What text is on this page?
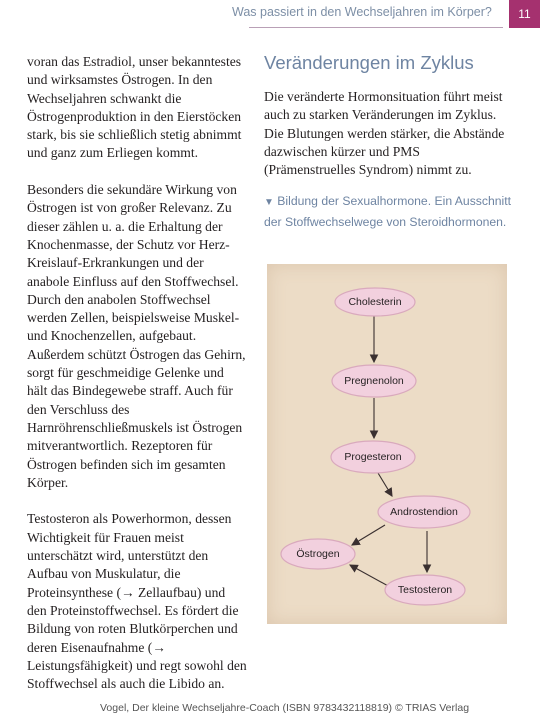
Was passiert in den Wechseljahren im Körper?	11

voran das Estradiol, unser bekanntestes und wirksamstes Östrogen. In den Wechseljahren schwankt die Östrogenproduktion in den Eierstöcken stark, bis sie schließlich stetig abnimmt und ganz zum Erliegen kommt.

Besonders die sekundäre Wirkung von Östrogen ist von großer Relevanz. Zu dieser zählen u. a. die Erhaltung der Knochenmasse, der Schutz vor Herz-Kreislauf-Erkrankungen und der anabole Einfluss auf den Stoffwechsel. Durch den anabolen Stoffwechsel werden Zellen, beispielsweise Muskel- und Knochenzellen, aufgebaut. Außerdem schützt Östrogen das Gehirn, sorgt für geschmeidige Gelenke und hält das Bindegewebe straff. Auch für den Verschluss des Harnröhrenschließmuskels ist Östrogen mitverantwortlich. Rezeptoren für Östrogen befinden sich im gesamten Körper.

Testosteron als Powerhormon, dessen Wichtigkeit für Frauen meist unterschätzt wird, unterstützt den Aufbau von Muskulatur, die Proteinsynthese (→ Zellaufbau) und den Proteinstoffwechsel. Es fördert die Bildung von roten Blutkörperchen und deren Eisenaufnahme (→ Leistungsfähigkeit) und regt sowohl den Stoffwechsel als auch die Libido an.

Veränderungen im Zyklus

Die veränderte Hormonsituation führt meist auch zu starken Veränderungen im Zyklus. Die Blutungen werden stärker, die Abstände dazwischen kürzer und PMS (Prämenstruelles Syndrom) nimmt zu.

▼ Bildung der Sexualhormone. Ein Ausschnitt der Stoffwechselwege von Steroidhormonen.
Cholesterin
Pregnenolon
Progesteron
Androstendion
Östrogen
Testosteron
Vogel, Der kleine Wechseljahre-Coach (ISBN 9783432118819) © TRIAS Verlag
